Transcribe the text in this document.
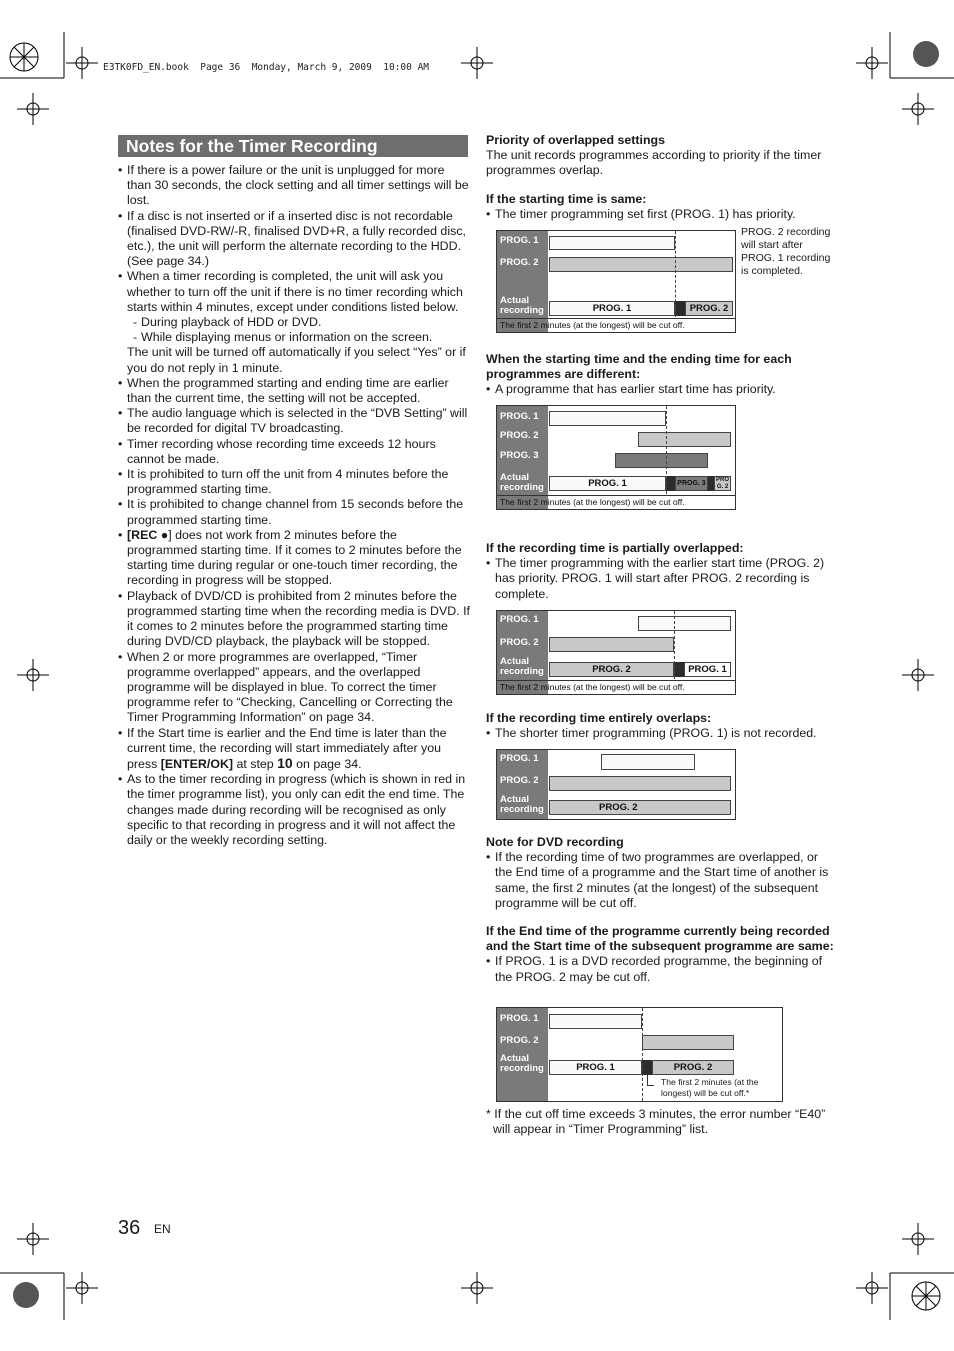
E3TK0FD_EN.book  Page 36  Monday, March 9, 2009  10:00 AM
Notes for the Timer Recording
• If there is a power failure or the unit is unplugged for more than 30 seconds, the clock setting and all timer settings will be lost.
• If a disc is not inserted or if a inserted disc is not recordable (finalised DVD-RW/-R, finalised DVD+R, a fully recorded disc, etc.), the unit will perform the alternate recording to the HDD. (See page 34.)
• When a timer recording is completed, the unit will ask you whether to turn off the unit if there is no timer recording which starts within 4 minutes, except under conditions listed below.
- During playback of HDD or DVD.
- While displaying menus or information on the screen.
The unit will be turned off automatically if you select “Yes” or if you do not reply in 1 minute.
• When the programmed starting and ending time are earlier than the current time, the setting will not be accepted.
• The audio language which is selected in the “DVB Setting” will be recorded for digital TV broadcasting.
• Timer recording whose recording time exceeds 12 hours cannot be made.
• It is prohibited to turn off the unit from 4 minutes before the programmed starting time.
• It is prohibited to change channel from 15 seconds before the programmed starting time.
• [REC ●] does not work from 2 minutes before the programmed starting time. If it comes to 2 minutes before the starting time during regular or one-touch timer recording, the recording in progress will be stopped.
• Playback of DVD/CD is prohibited from 2 minutes before the programmed starting time when the recording media is DVD. If it comes to 2 minutes before the programmed starting time during DVD/CD playback, the playback will be stopped.
• When 2 or more programmes are overlapped, “Timer programme overlapped” appears, and the overlapped programme will be displayed in blue. To correct the timer programme refer to “Checking, Cancelling or Correcting the Timer Programming Information” on page 34.
• If the Start time is earlier and the End time is later than the current time, the recording will start immediately after you press [ENTER/OK] at step 10 on page 34.
• As to the timer recording in progress (which is shown in red in the timer programme list), you only can edit the end time. The changes made during recording will be recognised as only specific to that recording in progress and it will not affect the daily or the weekly recording setting.
Priority of overlapped settings
The unit records programmes according to priority if the timer programmes overlap.
If the starting time is same:
• The timer programming set first (PROG. 1) has priority.
PROG. 1
PROG. 2
Actual recording	PROG. 1	PROG. 2
The first 2 minutes (at the longest) will be cut off.
PROG. 2 recording will start after PROG. 1 recording is completed.
When the starting time and the ending time for each programmes are different:
• A programme that has earlier start time has priority.
PROG. 1
PROG. 2
PROG. 3
Actual recording	PROG. 1	PROG. 3	PRO G. 2
The first 2 minutes (at the longest) will be cut off.
If the recording time is partially overlapped:
• The timer programming with the earlier start time (PROG. 2) has priority. PROG. 1 will start after PROG. 2 recording is complete.
PROG. 1
PROG. 2
Actual recording	PROG. 2	PROG. 1
The first 2 minutes (at the longest) will be cut off.
If the recording time entirely overlaps:
• The shorter timer programming (PROG. 1) is not recorded.
PROG. 1
PROG. 2
Actual recording	PROG. 2
Note for DVD recording
• If the recording time of two programmes are overlapped, or the End time of a programme and the Start time of another is same, the first 2 minutes (at the longest) of the subsequent programme will be cut off.
If the End time of the programme currently being recorded and the Start time of the subsequent programme are same:
• If PROG. 1 is a DVD recorded programme, the beginning of the PROG. 2 may be cut off.
PROG. 1
PROG. 2
Actual recording	PROG. 1	PROG. 2
The first 2 minutes (at the longest) will be cut off.*
* If the cut off time exceeds 3 minutes, the error number “E40” will appear in “Timer Programming” list.
36 EN
